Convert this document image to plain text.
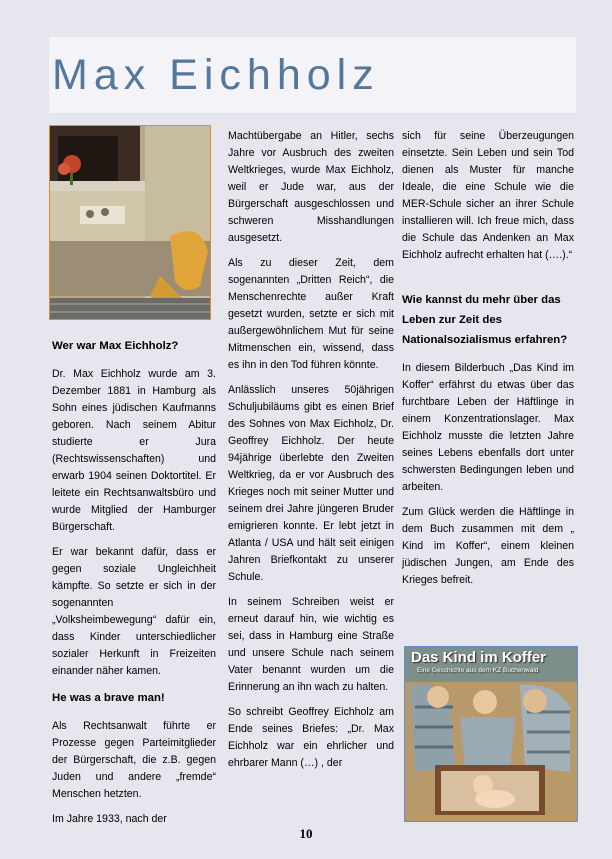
Max Eichholz
Wer war Max Eichholz?

Dr. Max Eichholz wurde am 3. Dezember 1881 in Hamburg als Sohn eines jüdischen Kaufmanns geboren. Nach seinem Abitur studierte er Jura (Rechtswissenschaften) und erwarb 1904 seinen Doktortitel. Er leitete ein Rechtsanwaltsbüro und wurde Mitglied der Hamburger Bürgerschaft.

Er war bekannt dafür, dass er gegen soziale Ungleichheit kämpfte. So setzte er sich in der sogenannten „Volksheimbewegung“ dafür ein, dass Kinder unterschiedlicher sozialer Herkunft in Freizeiten einander näher kamen.

He was a brave man!

Als Rechtsanwalt führte er Prozesse gegen Parteimitglieder der Bürgerschaft, die z.B. gegen Juden und andere „fremde“ Menschen hetzten.

Im Jahre 1933, nach der

Machtübergabe an Hitler, sechs Jahre vor Ausbruch des zweiten Weltkrieges, wurde Max Eichholz, weil er Jude war, aus der Bürgerschaft ausgeschlossen und schweren Misshandlungen ausgesetzt.

Als zu dieser Zeit, dem sogenannten „Dritten Reich“, die Menschenrechte außer Kraft gesetzt wurden, setzte er sich mit außergewöhnlichem Mut für seine Mitmenschen ein, wissend, dass es ihn in den Tod führen könnte.

Anlässlich unseres 50jährigen Schuljubiläums gibt es einen Brief des Sohnes von Max Eichholz, Dr. Geoffrey Eichholz. Der heute 94jährige überlebte den Zweiten Weltkrieg, da er vor Ausbruch des Krieges noch mit seiner Mutter und seinem drei Jahre jüngeren Bruder emigrieren konnte. Er lebt jetzt in Atlanta / USA und hält seit einigen Jahren Briefkontakt zu unserer Schule.

In seinem Schreiben weist er erneut darauf hin, wie wichtig es sei, dass in Hamburg eine Straße und unsere Schule nach seinem Vater benannt wurden um die Erinnerung an ihn wach zu halten.

So schreibt Geoffrey Eichholz am Ende seines Briefes: „Dr. Max Eichholz war ein ehrlicher und ehrbarer Mann (…) , der

sich für seine Überzeugungen einsetzte. Sein Leben und sein Tod dienen als Muster für manche Ideale, die eine Schule wie die MER-Schule sicher an ihrer Schule installieren will. Ich freue mich, dass die Schule das Andenken an Max Eichholz aufrecht erhalten hat (….).“

Wie kannst du mehr über das Leben zur Zeit des Nationalsozialismus erfahren?

In diesem Bilderbuch „Das Kind im Koffer“ erfährst du etwas über das furchtbare Leben der Häftlinge in einem Konzentrationslager. Max Eichholz musste die letzten Jahre seines Lebens ebenfalls dort unter schwersten Bedingungen leben und arbeiten.

Zum Glück werden die Häftlinge in dem Buch zusammen mit dem „ Kind im Koffer“, einem kleinen jüdischen Jungen, am Ende des Krieges befreit.

Das Kind im Koffer
Eine Geschichte aus dem KZ Buchenwald
10
